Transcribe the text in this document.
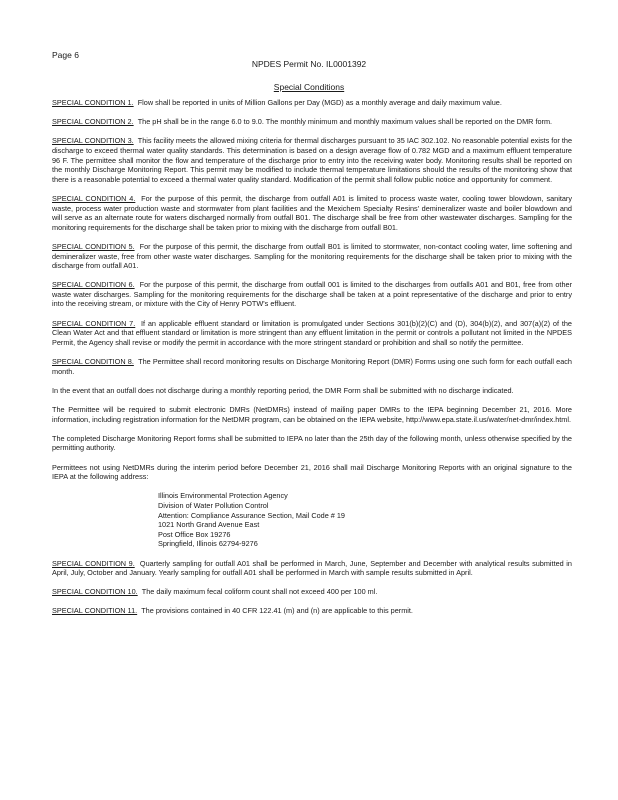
Page 6
NPDES Permit No. IL0001392
Special Conditions

SPECIAL CONDITION 1. Flow shall be reported in units of Million Gallons per Day (MGD) as a monthly average and daily maximum value.

SPECIAL CONDITION 2. The pH shall be in the range 6.0 to 9.0. The monthly minimum and monthly maximum values shall be reported on the DMR form.

SPECIAL CONDITION 3. This facility meets the allowed mixing criteria for thermal discharges pursuant to 35 IAC 302.102. No reasonable potential exists for the discharge to exceed thermal water quality standards. This determination is based on a design average flow of 0.782 MGD and a maximum effluent temperature 96 F. The permittee shall monitor the flow and temperature of the discharge prior to entry into the receiving water body. Monitoring results shall be reported on the monthly Discharge Monitoring Report. This permit may be modified to include thermal temperature limitations should the results of the monitoring show that there is a reasonable potential to exceed a thermal water quality standard. Modification of the permit shall follow public notice and opportunity for comment.

SPECIAL CONDITION 4. For the purpose of this permit, the discharge from outfall A01 is limited to process waste water, cooling tower blowdown, sanitary waste, process water production waste and stormwater from plant facilities and the Mexichem Specialty Resins' demineralizer waste and boiler blowdown and will serve as an alternate route for waters discharged normally from outfall B01. The discharge shall be free from other wastewater discharges. Sampling for the monitoring requirements for the discharge shall be taken prior to mixing with the discharge from outfall B01.

SPECIAL CONDITION 5. For the purpose of this permit, the discharge from outfall B01 is limited to stormwater, non-contact cooling water, lime softening and demineralizer waste, free from other waste water discharges. Sampling for the monitoring requirements for the discharge shall be taken prior to mixing with the discharge from outfall A01.

SPECIAL CONDITION 6. For the purpose of this permit, the discharge from outfall 001 is limited to the discharges from outfalls A01 and B01, free from other waste water discharges. Sampling for the monitoring requirements for the discharge shall be taken at a point representative of the discharge and prior to entry into the receiving stream, or mixture with the City of Henry POTW's effluent.

SPECIAL CONDITION 7. If an applicable effluent standard or limitation is promulgated under Sections 301(b)(2)(C) and (D), 304(b)(2), and 307(a)(2) of the Clean Water Act and that effluent standard or limitation is more stringent than any effluent limitation in the permit or controls a pollutant not limited in the NPDES Permit, the Agency shall revise or modify the permit in accordance with the more stringent standard or prohibition and shall so notify the permittee.

SPECIAL CONDITION 8. The Permittee shall record monitoring results on Discharge Monitoring Report (DMR) Forms using one such form for each outfall each month.

In the event that an outfall does not discharge during a monthly reporting period, the DMR Form shall be submitted with no discharge indicated.

The Permittee will be required to submit electronic DMRs (NetDMRs) instead of mailing paper DMRs to the IEPA beginning December 21, 2016. More information, including registration information for the NetDMR program, can be obtained on the IEPA website, http://www.epa.state.il.us/water/net-dmr/index.html.

The completed Discharge Monitoring Report forms shall be submitted to IEPA no later than the 25th day of the following month, unless otherwise specified by the permitting authority.

Permittees not using NetDMRs during the interim period before December 21, 2016 shall mail Discharge Monitoring Reports with an original signature to the IEPA at the following address:

Illinois Environmental Protection Agency
Division of Water Pollution Control
Attention: Compliance Assurance Section, Mail Code # 19
1021 North Grand Avenue East
Post Office Box 19276
Springfield, Illinois 62794-9276

SPECIAL CONDITION 9. Quarterly sampling for outfall A01 shall be performed in March, June, September and December with analytical results submitted in April, July, October and January. Yearly sampling for outfall A01 shall be performed in March with sample results submitted in April.

SPECIAL CONDITION 10. The daily maximum fecal coliform count shall not exceed 400 per 100 ml.

SPECIAL CONDITION 11. The provisions contained in 40 CFR 122.41 (m) and (n) are applicable to this permit.
